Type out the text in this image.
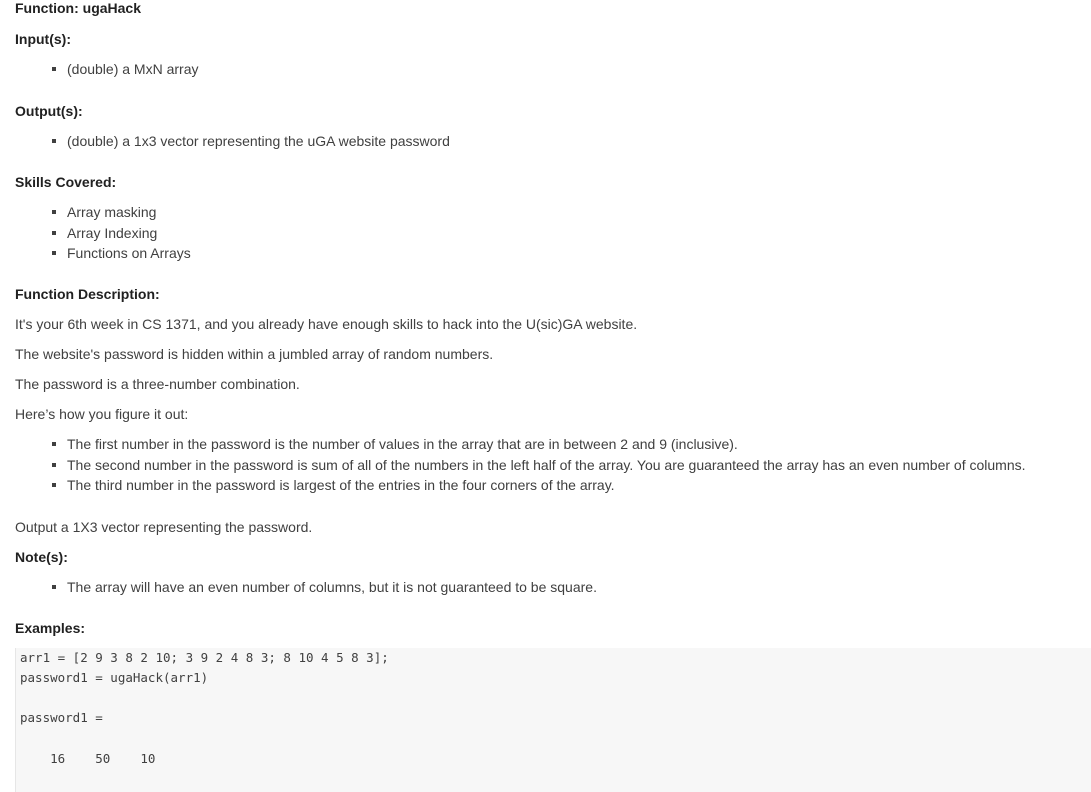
Function: ugaHack
Input(s):
(double) a MxN array
Output(s):
(double) a 1x3 vector representing the uGA website password
Skills Covered:
Array masking
Array Indexing
Functions on Arrays
Function Description:
It's your 6th week in CS 1371, and you already have enough skills to hack into the U(sic)GA website.
The website's password is hidden within a jumbled array of random numbers.
The password is a three-number combination.
Here’s how you figure it out:
The first number in the password is the number of values in the array that are in between 2 and 9 (inclusive).
The second number in the password is sum of all of the numbers in the left half of the array. You are guaranteed the array has an even number of columns.
The third number in the password is largest of the entries in the four corners of the array.
Output a 1X3 vector representing the password.
Note(s):
The array will have an even number of columns, but it is not guaranteed to be square.
Examples:
arr1 = [2 9 3 8 2 10; 3 9 2 4 8 3; 8 10 4 5 8 3];
password1 = ugaHack(arr1)
password1 =
16    50    10
